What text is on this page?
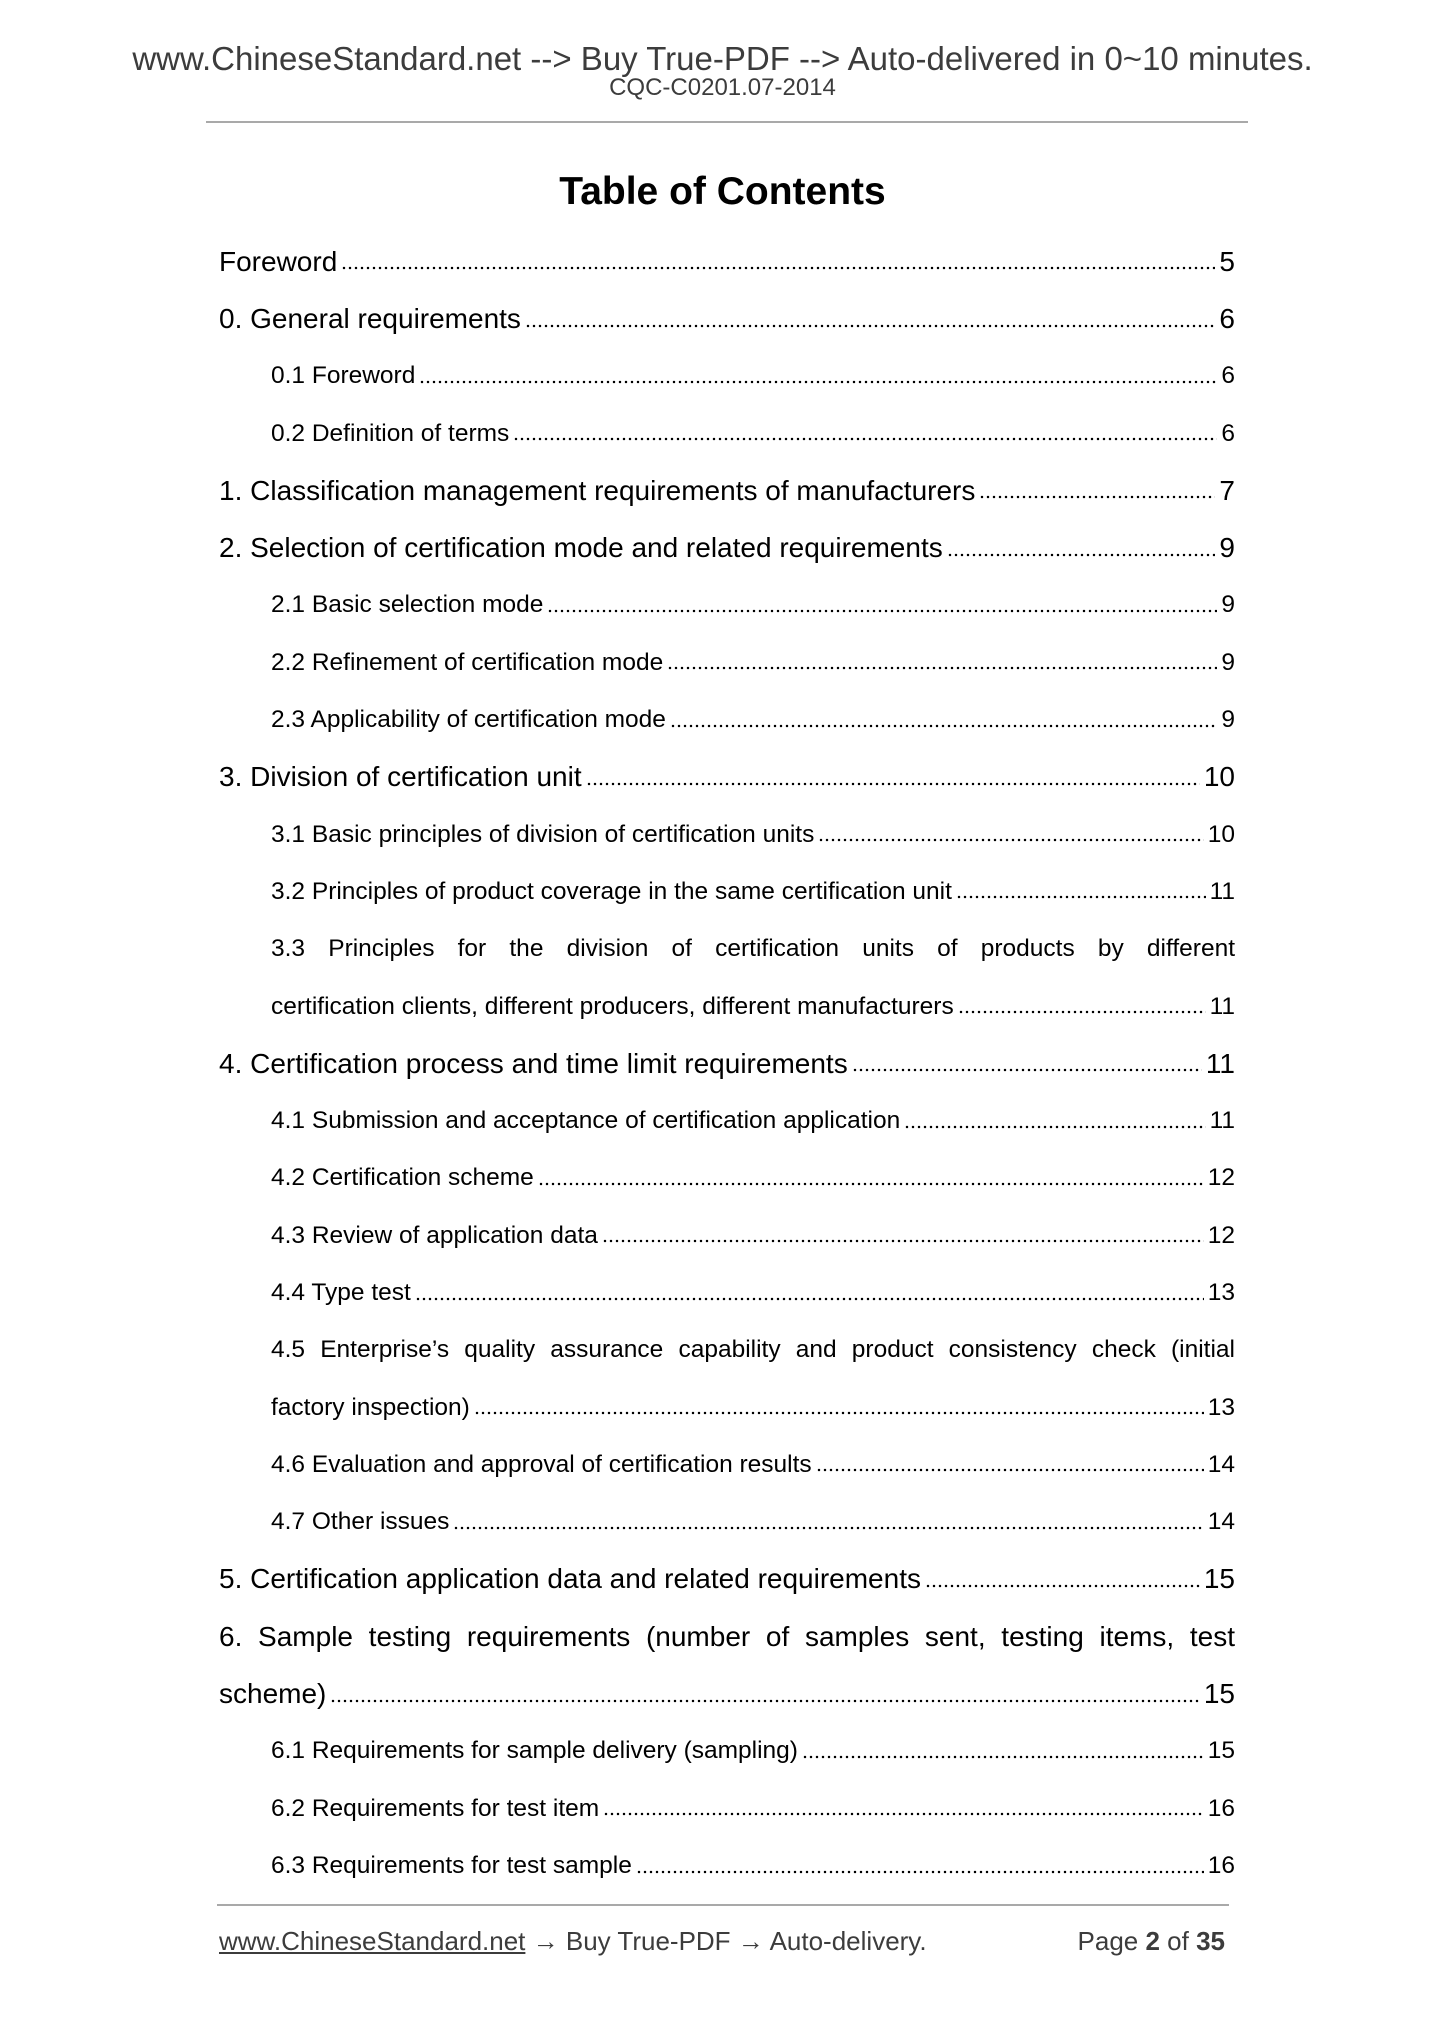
www.ChineseStandard.net --> Buy True-PDF --> Auto-delivered in 0~10 minutes.
CQC-C0201.07-2014
Table of Contents
Foreword	5
0. General requirements	6
0.1 Foreword	6
0.2 Definition of terms	6
1. Classification management requirements of manufacturers	7
2. Selection of certification mode and related requirements	9
2.1 Basic selection mode	9
2.2 Refinement of certification mode	9
2.3 Applicability of certification mode	9
3. Division of certification unit	10
3.1 Basic principles of division of certification units	10
3.2 Principles of product coverage in the same certification unit	11
3.3 Principles for the division of certification units of products by different
certification clients, different producers, different manufacturers	11
4. Certification process and time limit requirements	11
4.1 Submission and acceptance of certification application	11
4.2 Certification scheme	12
4.3 Review of application data	12
4.4 Type test	13
4.5 Enterprise’s quality assurance capability and product consistency check (initial
factory inspection)	13
4.6 Evaluation and approval of certification results	14
4.7 Other issues	14
5. Certification application data and related requirements	15
6. Sample testing requirements (number of samples sent, testing items, test
scheme)	15
6.1 Requirements for sample delivery (sampling)	15
6.2 Requirements for test item	16
6.3 Requirements for test sample	16
www.ChineseStandard.net → Buy True-PDF → Auto-delivery.	Page 2 of 35
